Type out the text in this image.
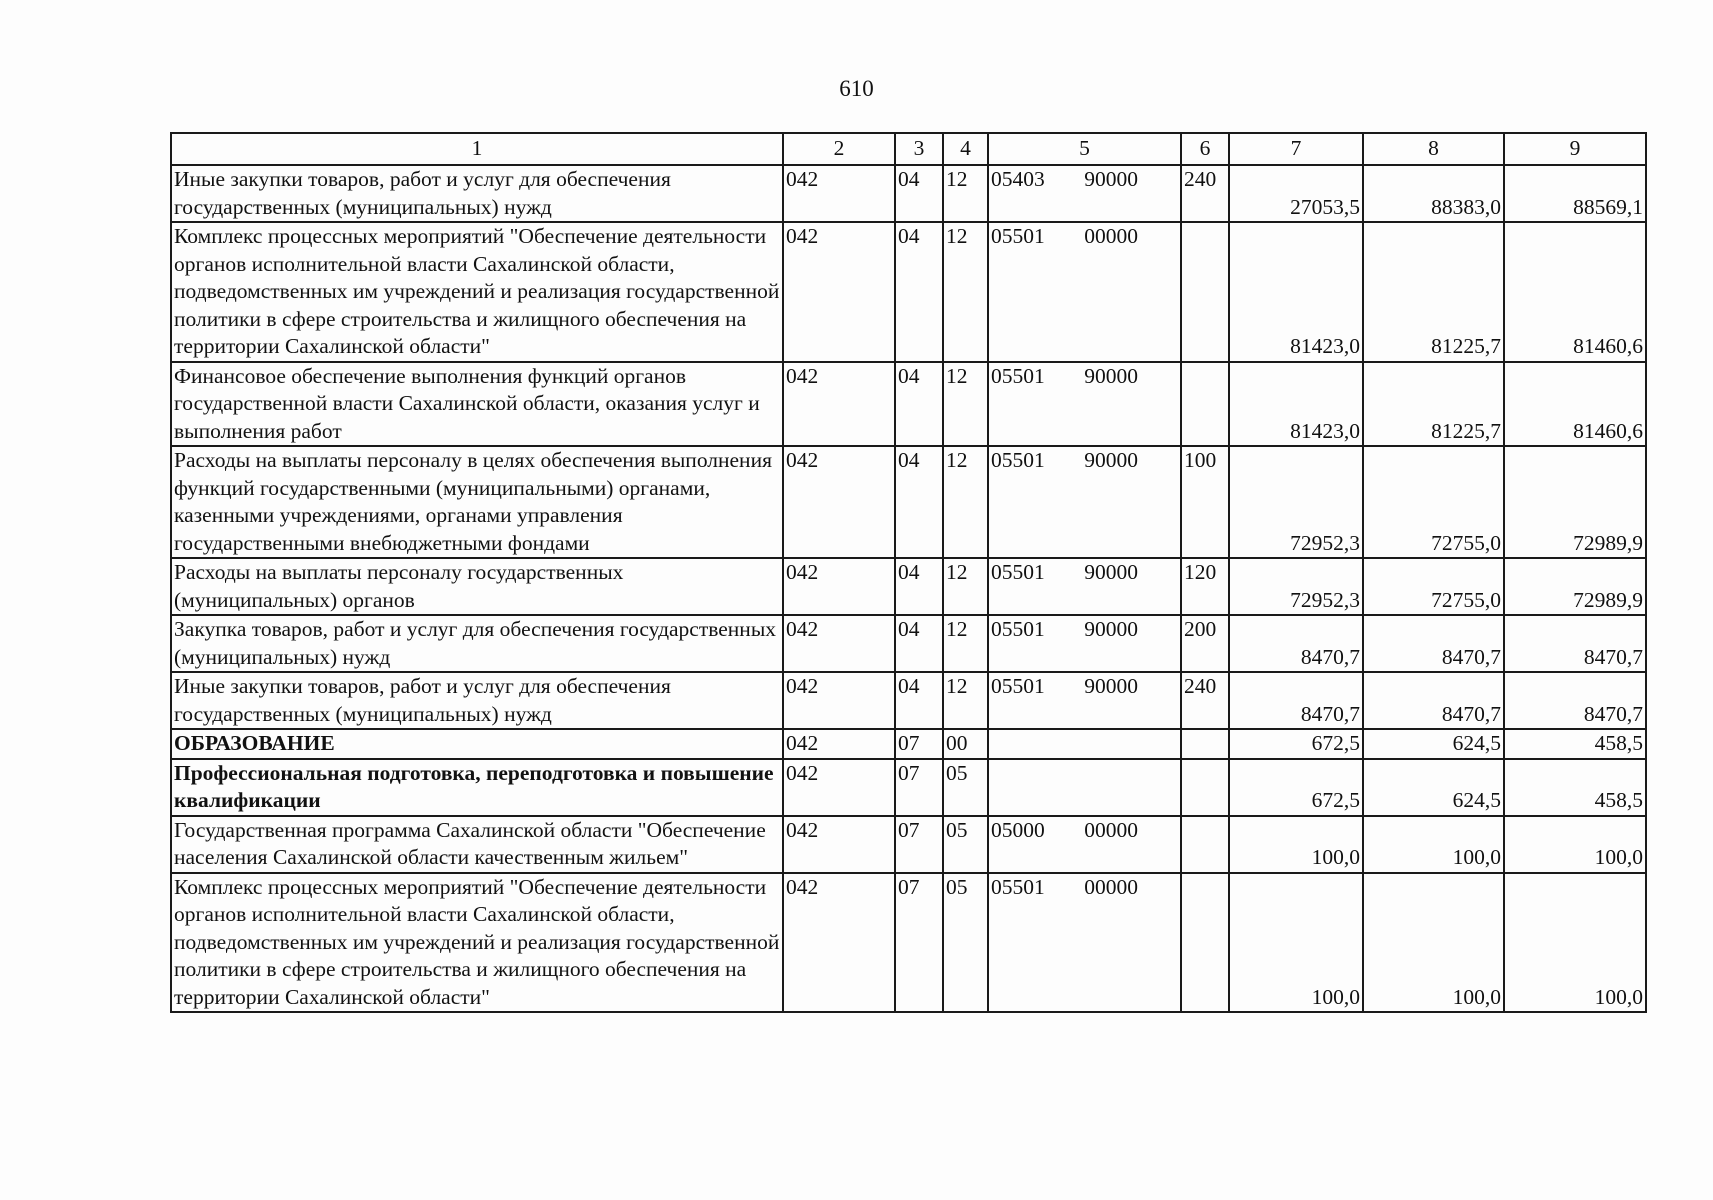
610
1	2	3	4	5	6	7	8	9
Иные закупки товаров, работ и услуг для обеспечения государственных (муниципальных) нужд	042	04	12	05403 90000	240	27053,5	88383,0	88569,1
Комплекс процессных мероприятий "Обеспечение деятельности органов исполнительной власти Сахалинской области, подведомственных им учреждений и реализация государственной политики в сфере строительства и жилищного обеспечения на территории Сахалинской области"	042	04	12	05501 00000		81423,0	81225,7	81460,6
Финансовое обеспечение выполнения функций органов государственной власти Сахалинской области, оказания услуг и выполнения работ	042	04	12	05501 90000		81423,0	81225,7	81460,6
Расходы на выплаты персоналу в целях обеспечения выполнения функций государственными (муниципальными) органами, казенными учреждениями, органами управления государственными внебюджетными фондами	042	04	12	05501 90000	100	72952,3	72755,0	72989,9
Расходы на выплаты персоналу государственных (муниципальных) органов	042	04	12	05501 90000	120	72952,3	72755,0	72989,9
Закупка товаров, работ и услуг для обеспечения государственных (муниципальных) нужд	042	04	12	05501 90000	200	8470,7	8470,7	8470,7
Иные закупки товаров, работ и услуг для обеспечения государственных (муниципальных) нужд	042	04	12	05501 90000	240	8470,7	8470,7	8470,7
ОБРАЗОВАНИЕ	042	07	00			672,5	624,5	458,5
Профессиональная подготовка, переподготовка и повышение квалификации	042	07	05			672,5	624,5	458,5
Государственная программа Сахалинской области "Обеспечение населения Сахалинской области качественным жильем"	042	07	05	05000 00000		100,0	100,0	100,0
Комплекс процессных мероприятий "Обеспечение деятельности органов исполнительной власти Сахалинской области, подведомственных им учреждений и реализация государственной политики в сфере строительства и жилищного обеспечения на территории Сахалинской области"	042	07	05	05501 00000		100,0	100,0	100,0
